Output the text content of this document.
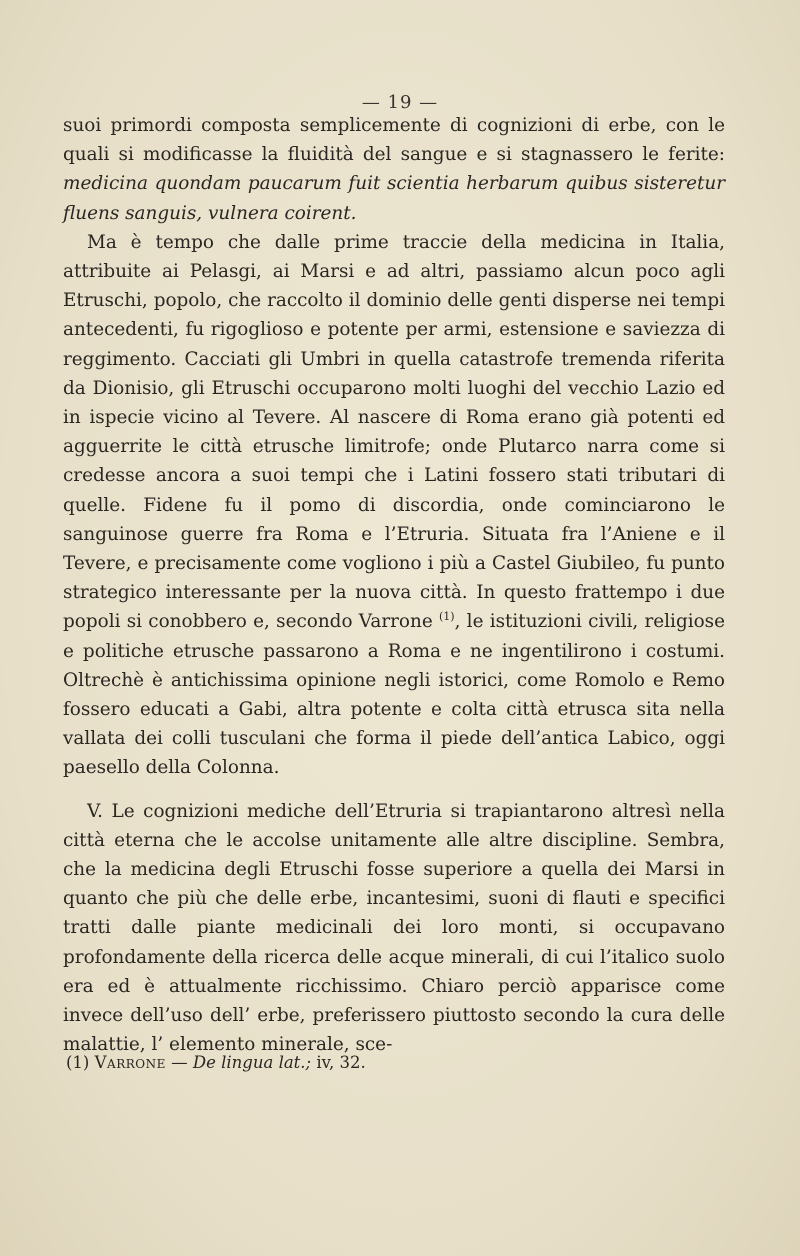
— 19 —

suoi primordi composta semplicemente di cognizioni di erbe, con le quali si modificasse la fluidità del sangue e si stagnassero le ferite: medicina quondam paucarum fuit scientia herbarum quibus sisteretur fluens sanguis, vulnera coirent.

Ma è tempo che dalle prime traccie della medicina in Italia, attribuite ai Pelasgi, ai Marsi e ad altri, passiamo alcun poco agli Etruschi, popolo, che raccolto il dominio delle genti disperse nei tempi antecedenti, fu rigoglioso e potente per armi, estensione e saviezza di reggimento. Cacciati gli Umbri in quella catastrofe tremenda riferita da Dionisio, gli Etruschi occuparono molti luoghi del vecchio Lazio ed in ispecie vicino al Tevere. Al nascere di Roma erano già potenti ed agguerrite le città etrusche limitrofe; onde Plutarco narra come si credesse ancora a suoi tempi che i Latini fossero stati tributari di quelle. Fidene fu il pomo di discordia, onde cominciarono le sanguinose guerre fra Roma e l’Etruria. Situata fra l’Aniene e il Tevere, e precisamente come vogliono i più a Castel Giubileo, fu punto strategico interessante per la nuova città. In questo frattempo i due popoli si conobbero e, secondo Varrone $^{(1)}$, le istituzioni civili, religiose e politiche etrusche passarono a Roma e ne ingentilirono i costumi. Oltrechè è antichissima opinione negli istorici, come Romolo e Remo fossero educati a Gabi, altra potente e colta città etrusca sita nella vallata dei colli tusculani che forma il piede dell’antica Labico, oggi paesello della Colonna.

V. Le cognizioni mediche dell’Etruria si trapiantarono altresì nella città eterna che le accolse unitamente alle altre discipline. Sembra, che la medicina degli Etruschi fosse superiore a quella dei Marsi in quanto che più che delle erbe, incantesimi, suoni di flauti e specifici tratti dalle piante medicinali dei loro monti, si occupavano profondamente della ricerca delle acque minerali, di cui l’italico suolo era ed è attualmente ricchissimo. Chiaro perciò apparisce come invece dell’uso dell’ erbe, preferissero piuttosto secondo la cura delle malattie, l’ elemento minerale, sce-

(1) Varrone — De lingua lat.; iv, 32.
